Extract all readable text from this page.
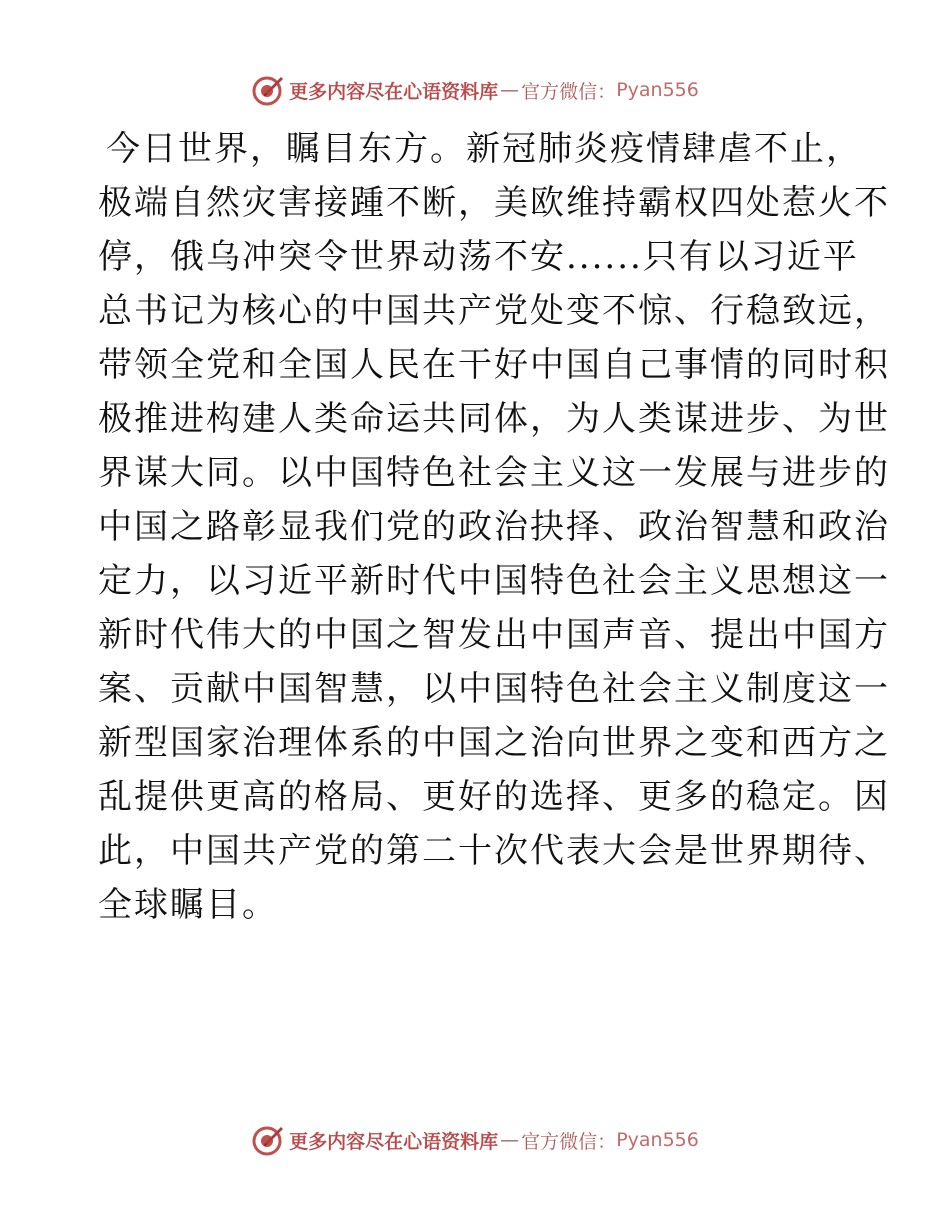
更多内容尽在心语资料库 — 官方微信： Pyan556
今日世界，瞩目东方。新冠肺炎疫情肆虐不止，
极端自然灾害接踵不断，美欧维持霸权四处惹火不
停，俄乌冲突令世界动荡不安......只有以习近平
总书记为核心的中国共产党处变不惊、行稳致远，
带领全党和全国人民在干好中国自己事情的同时积
极推进构建人类命运共同体，为人类谋进步、为世
界谋大同。以中国特色社会主义这一发展与进步的
中国之路彰显我们党的政治抉择、政治智慧和政治
定力，以习近平新时代中国特色社会主义思想这一
新时代伟大的中国之智发出中国声音、提出中国方
案、贡献中国智慧，以中国特色社会主义制度这一
新型国家治理体系的中国之治向世界之变和西方之
乱提供更高的格局、更好的选择、更多的稳定。因
此，中国共产党的第二十次代表大会是世界期待、
全球瞩目。
更多内容尽在心语资料库 — 官方微信： Pyan556
